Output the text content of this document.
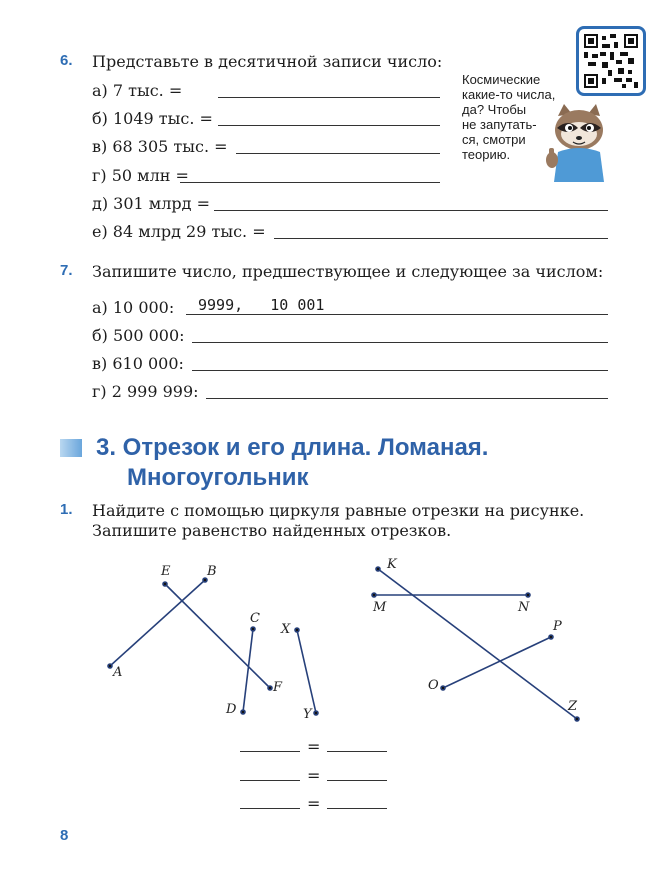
6. Представьте в десятичной записи число:
а) 7 тыс. =
б) 1049 тыс. =
в) 68 305 тыс. =
г) 50 млн =
д) 301 млрд =
е) 84 млрд 29 тыс. =
Космические
какие-то числа,
да? Чтобы
не запутать-
ся, смотри
теорию.
7. Запишите число, предшествующее и следующее за числом:
а) 10 000: 9999,   10 001
б) 500 000:
в) 610 000:
г) 2 999 999:
3. Отрезок и его длина. Ломаная.
Многоугольник
1. Найдите с помощью циркуля равные отрезки на рисунке.
Запишите равенство найденных отрезков.
A
B
E
F
C
D
X
Y
K
Z
M	N
O
P
=
=
=
8
